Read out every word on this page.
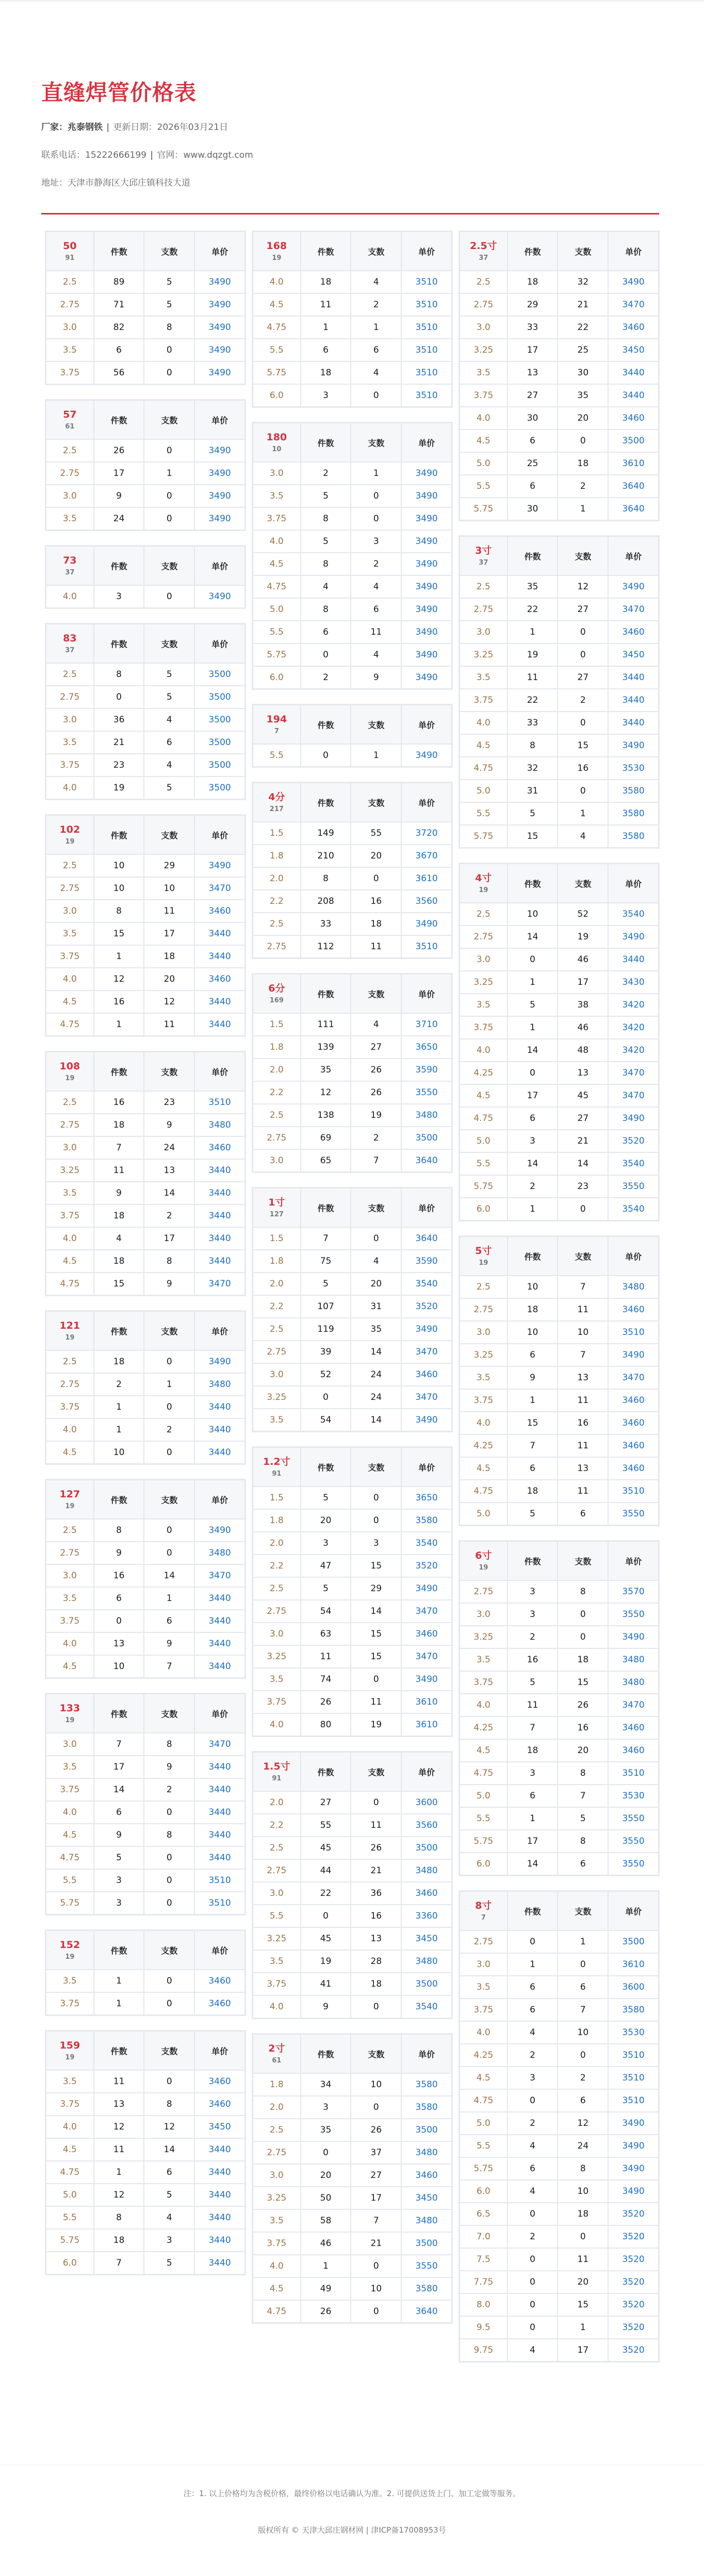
直缝焊管价格表
厂家：兆泰钢铁 | 更新日期：2026年03月21日
联系电话：15222666199 | 官网：www.dqzgt.com
地址：天津市静海区大邱庄镇科技大道
50
91	件数	支数	单价
2.5	89	5	3490
2.75	71	5	3490
3.0	82	8	3490
3.5	6	0	3490
3.75	56	0	3490
57
61	件数	支数	单价
2.5	26	0	3490
2.75	17	1	3490
3.0	9	0	3490
3.5	24	0	3490
73
37	件数	支数	单价
4.0	3	0	3490
83
37	件数	支数	单价
2.5	8	5	3500
2.75	0	5	3500
3.0	36	4	3500
3.5	21	6	3500
3.75	23	4	3500
4.0	19	5	3500
102
19	件数	支数	单价
2.5	10	29	3490
2.75	10	10	3470
3.0	8	11	3460
3.5	15	17	3440
3.75	1	18	3440
4.0	12	20	3460
4.5	16	12	3440
4.75	1	11	3440
108
19	件数	支数	单价
2.5	16	23	3510
2.75	18	9	3480
3.0	7	24	3460
3.25	11	13	3440
3.5	9	14	3440
3.75	18	2	3440
4.0	4	17	3440
4.5	18	8	3440
4.75	15	9	3470
121
19	件数	支数	单价
2.5	18	0	3490
2.75	2	1	3480
3.75	1	0	3440
4.0	1	2	3440
4.5	10	0	3440
127
19	件数	支数	单价
2.5	8	0	3490
2.75	9	0	3480
3.0	16	14	3470
3.5	6	1	3440
3.75	0	6	3440
4.0	13	9	3440
4.5	10	7	3440
133
19	件数	支数	单价
3.0	7	8	3470
3.5	17	9	3440
3.75	14	2	3440
4.0	6	0	3440
4.5	9	8	3440
4.75	5	0	3440
5.5	3	0	3510
5.75	3	0	3510
152
19	件数	支数	单价
3.5	1	0	3460
3.75	1	0	3460
159
19	件数	支数	单价
3.5	11	0	3460
3.75	13	8	3460
4.0	12	12	3450
4.5	11	14	3440
4.75	1	6	3440
5.0	12	5	3440
5.5	8	4	3440
5.75	18	3	3440
6.0	7	5	3440
168
19	件数	支数	单价
4.0	18	4	3510
4.5	11	2	3510
4.75	1	1	3510
5.5	6	6	3510
5.75	18	4	3510
6.0	3	0	3510
180
10	件数	支数	单价
3.0	2	1	3490
3.5	5	0	3490
3.75	8	0	3490
4.0	5	3	3490
4.5	8	2	3490
4.75	4	4	3490
5.0	8	6	3490
5.5	6	11	3490
5.75	0	4	3490
6.0	2	9	3490
194
7	件数	支数	单价
5.5	0	1	3490
4分
217	件数	支数	单价
1.5	149	55	3720
1.8	210	20	3670
2.0	8	0	3610
2.2	208	16	3560
2.5	33	18	3490
2.75	112	11	3510
6分
169	件数	支数	单价
1.5	111	4	3710
1.8	139	27	3650
2.0	35	26	3590
2.2	12	26	3550
2.5	138	19	3480
2.75	69	2	3500
3.0	65	7	3640
1寸
127	件数	支数	单价
1.5	7	0	3640
1.8	75	4	3590
2.0	5	20	3540
2.2	107	31	3520
2.5	119	35	3490
2.75	39	14	3470
3.0	52	24	3460
3.25	0	24	3470
3.5	54	14	3490
1.2寸
91	件数	支数	单价
1.5	5	0	3650
1.8	20	0	3580
2.0	3	3	3540
2.2	47	15	3520
2.5	5	29	3490
2.75	54	14	3470
3.0	63	15	3460
3.25	11	15	3470
3.5	74	0	3490
3.75	26	11	3610
4.0	80	19	3610
1.5寸
91	件数	支数	单价
2.0	27	0	3600
2.2	55	11	3560
2.5	45	26	3500
2.75	44	21	3480
3.0	22	36	3460
5.5	0	16	3360
3.25	45	13	3450
3.5	19	28	3480
3.75	41	18	3500
4.0	9	0	3540
2寸
61	件数	支数	单价
1.8	34	10	3580
2.0	3	0	3580
2.5	35	26	3500
2.75	0	37	3480
3.0	20	27	3460
3.25	50	17	3450
3.5	58	7	3480
3.75	46	21	3500
4.0	1	0	3550
4.5	49	10	3580
4.75	26	0	3640
2.5寸
37	件数	支数	单价
2.5	18	32	3490
2.75	29	21	3470
3.0	33	22	3460
3.25	17	25	3450
3.5	13	30	3440
3.75	27	35	3440
4.0	30	20	3460
4.5	6	0	3500
5.0	25	18	3610
5.5	6	2	3640
5.75	30	1	3640
3寸
37	件数	支数	单价
2.5	35	12	3490
2.75	22	27	3470
3.0	1	0	3460
3.25	19	0	3450
3.5	11	27	3440
3.75	22	2	3440
4.0	33	0	3440
4.5	8	15	3490
4.75	32	16	3530
5.0	31	0	3580
5.5	5	1	3580
5.75	15	4	3580
4寸
19	件数	支数	单价
2.5	10	52	3540
2.75	14	19	3490
3.0	0	46	3440
3.25	1	17	3430
3.5	5	38	3420
3.75	1	46	3420
4.0	14	48	3420
4.25	0	13	3470
4.5	17	45	3470
4.75	6	27	3490
5.0	3	21	3520
5.5	14	14	3540
5.75	2	23	3550
6.0	1	0	3540
5寸
19	件数	支数	单价
2.5	10	7	3480
2.75	18	11	3460
3.0	10	10	3510
3.25	6	7	3490
3.5	9	13	3470
3.75	1	11	3460
4.0	15	16	3460
4.25	7	11	3460
4.5	6	13	3460
4.75	18	11	3510
5.0	5	6	3550
6寸
19	件数	支数	单价
2.75	3	8	3570
3.0	3	0	3550
3.25	2	0	3490
3.5	16	18	3480
3.75	5	15	3480
4.0	11	26	3470
4.25	7	16	3460
4.5	18	20	3460
4.75	3	8	3510
5.0	6	7	3530
5.5	1	5	3550
5.75	17	8	3550
6.0	14	6	3550
8寸
7	件数	支数	单价
2.75	0	1	3500
3.0	1	0	3610
3.5	6	6	3600
3.75	6	7	3580
4.0	4	10	3530
4.25	2	0	3510
4.5	3	2	3510
4.75	0	6	3510
5.0	2	12	3490
5.5	4	24	3490
5.75	6	8	3490
6.0	4	10	3490
6.5	0	18	3520
7.0	2	0	3520
7.5	0	11	3520
7.75	0	20	3520
8.0	0	15	3520
9.5	0	1	3520
9.75	4	17	3520
注：1. 以上价格均为含税价格，最终价格以电话确认为准。2. 可提供送货上门、加工定做等服务。
版权所有 © 天津大邱庄钢材网 | 津ICP备17008953号
